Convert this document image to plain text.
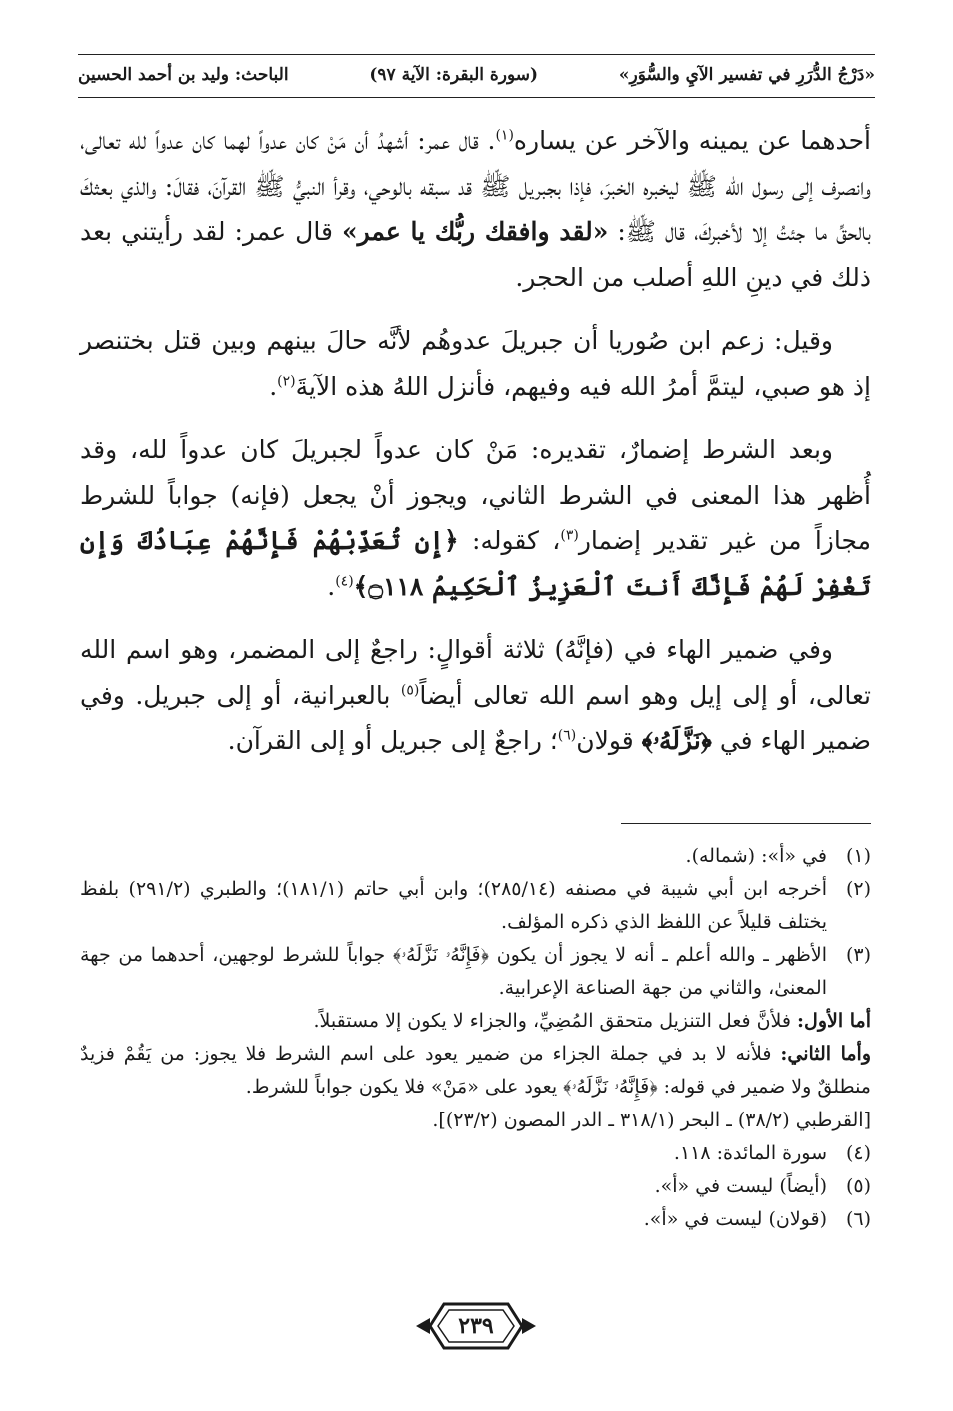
«دَرْجُ الدُّرَرِ في تفسير الآيِ والسُّوَرِ»
(سورة البقرة: الآية ٩٧)
الباحث: وليد بن أحمد الحسين

أحدهما عن يمينه والآخر عن يساره$^{(١)}$. قال عمر: أشهدُ أن مَنْ كان عدواً لهما كان عدواً لله تعالى، وانصرف إلى رسول الله ﷺ ليخبره الخبرَ، فإذا بجبريل ﷺ قد سبقه بالوحي، وقرأ النبيُّ ﷺ القرآنَ، فقالَ: والذي بعثكَ بالحقِّ ما جئتُ إلا لأخبركَ، قال ﷺ: «لقد وافقك ربُّك يا عمر» قال عمر: لقد رأيتني بعد ذلك في دينِ اللهِ أصلب من الحجر.

وقيل: زعم ابن صُوريا أن جبريلَ عدوهُم لأنَّه حالَ بينهم وبين قتل بختنصر إذ هو صبي، ليتمَّ أمرُ الله فيه وفيهم، فأنزل اللهُ هذه الآيةَ$^{(٢)}$.

وبعد الشرط إضمارٌ، تقديره: مَنْ كان عدواً لجبريلَ كان عدواً لله، وقد أُظهر هذا المعنى في الشرط الثاني، ويجوز أنْ يجعل (فإنه) جواباً للشرط مجازاً من غير تقدير إضمار$^{(٣)}$، كقوله: ﴿إِن تُعَذِّبْهُمْ فَإِنَّهُمْ عِبَادُكَ وَإِن تَغْفِرْ لَهُمْ فَإِنَّكَ أَنتَ ٱلْعَزِيزُ ٱلْحَكِيمُ ۝١١٨﴾$^{(٤)}$.

وفي ضمير الهاء في (فإنَّهُ) ثلاثة أقوالٍ: راجعٌ إلى المضمر، وهو اسم الله تعالى، أو إلى إيل وهو اسم الله تعالى أيضاً$^{(٥)}$ بالعبرانية، أو إلى جبريل. وفي ضمير الهاء في ﴿نَزَّلَهُۥ﴾ قولان$^{(٦)}$؛ راجعٌ إلى جبريل أو إلى القرآن.

(١)
في «أ»: (شماله).
(٢)
أخرجه ابن أبي شيبة في مصنفه (٢٨٥/١٤)؛ وابن أبي حاتم (١٨١/١)؛ والطبري (٢٩١/٢) بلفظ يختلف قليلاً عن اللفظ الذي ذكره المؤلف.
(٣)
الأظهر ـ والله أعلم ـ أنه لا يجوز أن يكون ﴿فَإِنَّهُۥ نَزَّلَهُۥ﴾ جواباً للشرط لوجهين، أحدهما من جهة المعنىٰ، والثاني من جهة الصناعة الإعرابية.
أما الأول: فلأنَّ فعل التنزيل متحقق المُضِيِّ، والجزاء لا يكون إلا مستقبلاً.
وأما الثاني: فلأنه لا بد في جملة الجزاء من ضمير يعود على اسم الشرط فلا يجوز: من يَقُمْ فزيدٌ منطلقٌ ولا ضمير في قوله: ﴿فَإِنَّهُۥ نَزَّلَهُۥ﴾ يعود على «مَنْ» فلا يكون جواباً للشرط.
[القرطبي (٣٨/٢) ـ البحر (٣١٨/١ ـ الدر المصون (٢٣/٢)].
(٤)
سورة المائدة: ١١٨.
(٥)
(أيضاً) ليست في «أ».
(٦)
(قولان) ليست في «أ».
٢٣٩
